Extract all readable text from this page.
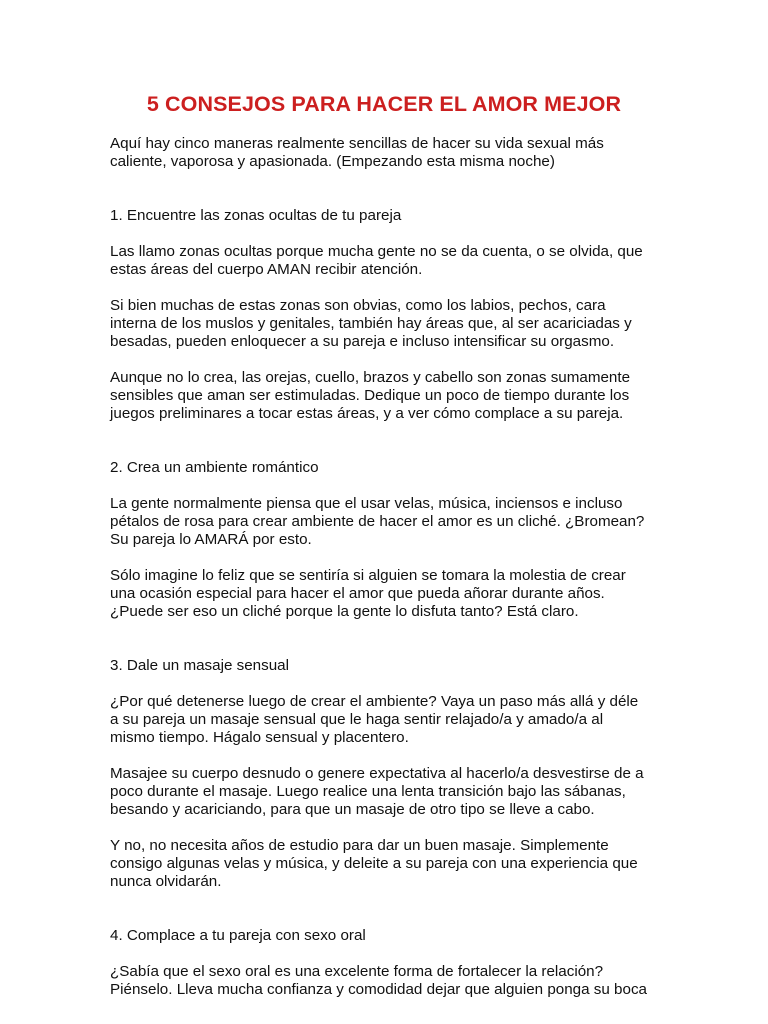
5 CONSEJOS PARA HACER EL AMOR MEJOR

Aquí hay cinco maneras realmente sencillas de hacer su vida sexual más
caliente, vaporosa y apasionada. (Empezando esta misma noche)

1. Encuentre las zonas ocultas de tu pareja

Las llamo zonas ocultas porque mucha gente no se da cuenta, o se olvida, que
estas áreas del cuerpo AMAN recibir atención.

Si bien muchas de estas zonas son obvias, como los labios, pechos, cara
interna de los muslos y genitales, también hay áreas que, al ser acariciadas y
besadas, pueden enloquecer a su pareja e incluso intensificar su orgasmo.

Aunque no lo crea, las orejas, cuello, brazos y cabello son zonas sumamente
sensibles que aman ser estimuladas. Dedique un poco de tiempo durante los
juegos preliminares a tocar estas áreas, y a ver cómo complace a su pareja.

2. Crea un ambiente romántico

La gente normalmente piensa que el usar velas, música, inciensos e incluso
pétalos de rosa para crear ambiente de hacer el amor es un cliché. ¿Bromean?
Su pareja lo AMARÁ por esto.

Sólo imagine lo feliz que se sentiría si alguien se tomara la molestia de crear
una ocasión especial para hacer el amor que pueda añorar durante años.
¿Puede ser eso un cliché porque la gente lo disfuta tanto? Está claro.

3. Dale un masaje sensual

¿Por qué detenerse luego de crear el ambiente? Vaya un paso más allá y déle
a su pareja un masaje sensual que le haga sentir relajado/a y amado/a al
mismo tiempo. Hágalo sensual y placentero.

Masajee su cuerpo desnudo o genere expectativa al hacerlo/a desvestirse de a
poco durante el masaje. Luego realice una lenta transición bajo las sábanas,
besando y acariciando, para que un masaje de otro tipo se lleve a cabo.

Y no, no necesita años de estudio para dar un buen masaje. Simplemente
consigo algunas velas y música, y deleite a su pareja con una experiencia que
nunca olvidarán.

4. Complace a tu pareja con sexo oral

¿Sabía que el sexo oral es una excelente forma de fortalecer la relación?
Piénselo. Lleva mucha confianza y comodidad dejar que alguien ponga su boca
